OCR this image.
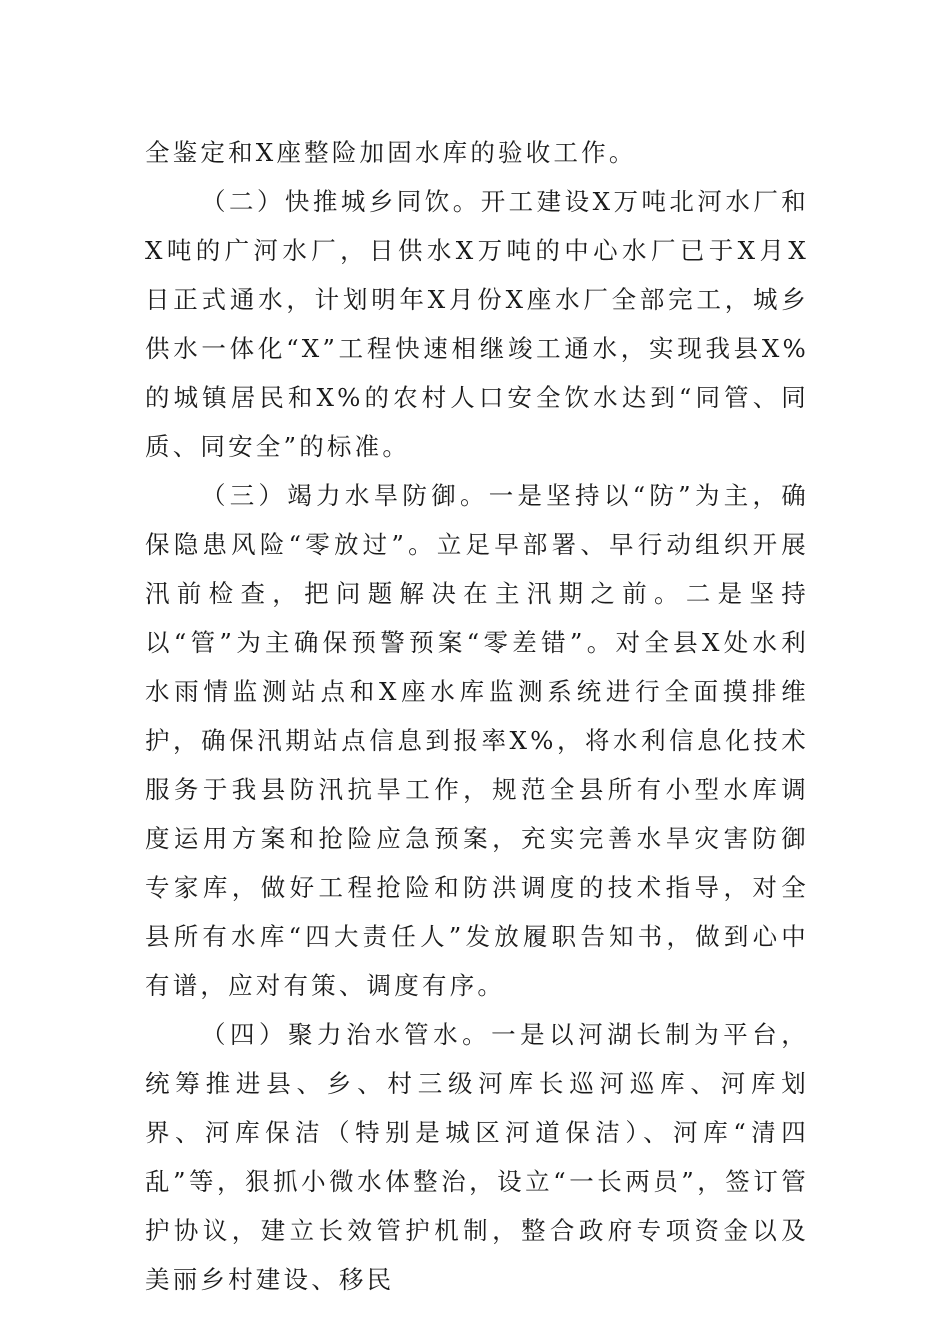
全鉴定和X座整险加固水库的验收工作。

（二）快推城乡同饮。开工建设X万吨北河水厂和X吨的广河水厂，日供水X万吨的中心水厂已于X月X日正式通水，计划明年X月份X座水厂全部完工，城乡供水一体化“X”工程快速相继竣工通水，实现我县X%的城镇居民和X%的农村人口安全饮水达到“同管、同质、同安全”的标准。

（三）竭力水旱防御。一是坚持以“防”为主，确保隐患风险“零放过”。立足早部署、早行动组织开展汛前检查，把问题解决在主汛期之前。二是坚持以“管”为主确保预警预案“零差错”。对全县X处水利水雨情监测站点和X座水库监测系统进行全面摸排维护，确保汛期站点信息到报率X%，将水利信息化技术服务于我县防汛抗旱工作，规范全县所有小型水库调度运用方案和抢险应急预案，充实完善水旱灾害防御专家库，做好工程抢险和防洪调度的技术指导，对全县所有水库“四大责任人”发放履职告知书，做到心中有谱，应对有策、调度有序。

（四）聚力治水管水。一是以河湖长制为平台，统筹推进县、乡、村三级河库长巡河巡库、河库划界、河库保洁（特别是城区河道保洁）、河库“清四乱”等，狠抓小微水体整治，设立“一长两员”，签订管护协议，建立长效管护机制，整合政府专项资金以及美丽乡村建设、移民
